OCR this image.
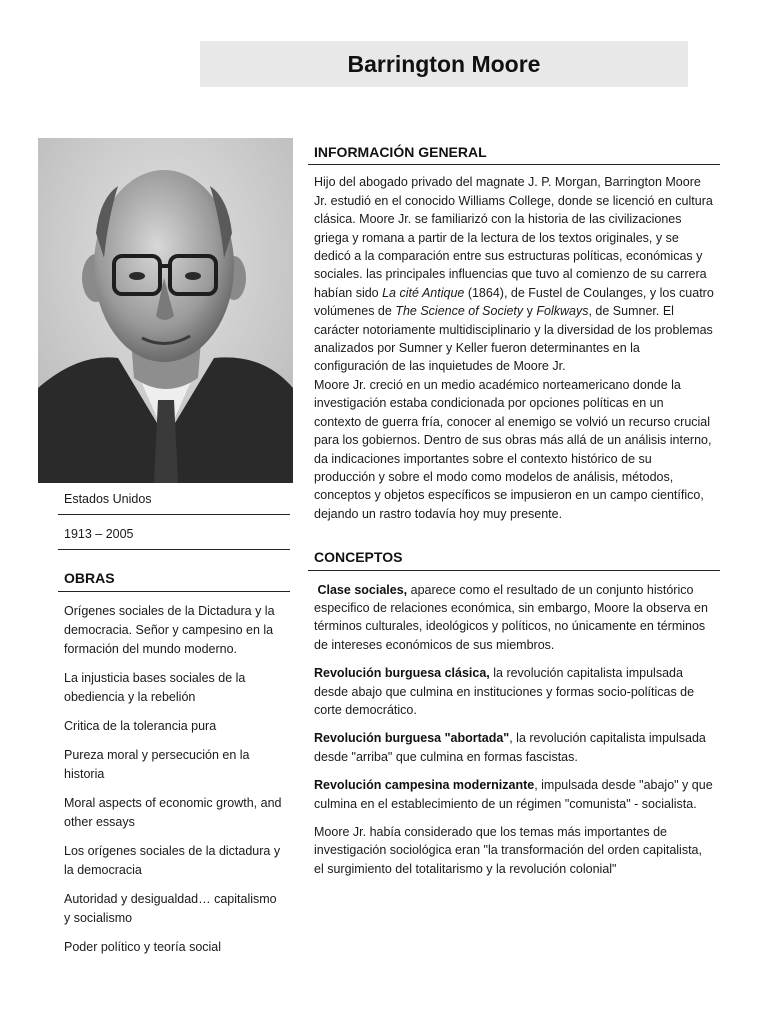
Barrington Moore
Estados Unidos
1913 – 2005
OBRAS
Orígenes sociales de la Dictadura y la democracia. Señor y campesino en la formación del mundo moderno.
La injusticia bases sociales de la obediencia y la rebelión
Critica de la tolerancia pura
Pureza moral y persecución en la historia
Moral aspects of economic growth, and other essays
Los orígenes sociales de la dictadura y la democracia
Autoridad y desigualdad… capitalismo y socialismo
Poder político y teoría social
INFORMACIÓN GENERAL

Hijo del abogado privado del magnate J. P. Morgan, Barrington Moore Jr. estudió en el conocido Williams College, donde se licenció en cultura clásica. Moore Jr. se familiarizó con la historia de las civilizaciones griega y romana a partir de la lectura de los textos originales, y se dedicó a la comparación entre sus estructuras políticas, económicas y sociales. las principales influencias que tuvo al comienzo de su carrera habían sido La cité Antique (1864), de Fustel de Coulanges, y los cuatro volúmenes de The Science of Society y Folkways, de Sumner. El carácter notoriamente multidisciplinario y la diversidad de los problemas analizados por Sumner y Keller fueron determinantes en la configuración de las inquietudes de Moore Jr.

Moore Jr. creció en un medio académico norteamericano donde la investigación estaba condicionada por opciones políticas en un contexto de guerra fría, conocer al enemigo se volvió un recurso crucial para los gobiernos. Dentro de sus obras más allá de un análisis interno, da indicaciones importantes sobre el contexto histórico de su producción y sobre el modo como modelos de análisis, métodos, conceptos y objetos específicos se impusieron en un campo científico, dejando un rastro todavía hoy muy presente.

CONCEPTOS

Clase sociales, aparece como el resultado de un conjunto histórico especifico de relaciones económica, sin embargo, Moore la observa en términos culturales, ideológicos y políticos, no únicamente en términos de intereses económicos de sus miembros.

Revolución burguesa clásica, la revolución capitalista impulsada desde abajo que culmina en instituciones y formas socio-políticas de corte democrático.

Revolución burguesa "abortada", la revolución capitalista impulsada desde "arriba" que culmina en formas fascistas.

Revolución campesina modernizante, impulsada desde "abajo" y que culmina en el establecimiento de un régimen "comunista" - socialista.

Moore Jr. había considerado que los temas más importantes de investigación sociológica eran "la transformación del orden capitalista, el surgimiento del totalitarismo y la revolución colonial"
